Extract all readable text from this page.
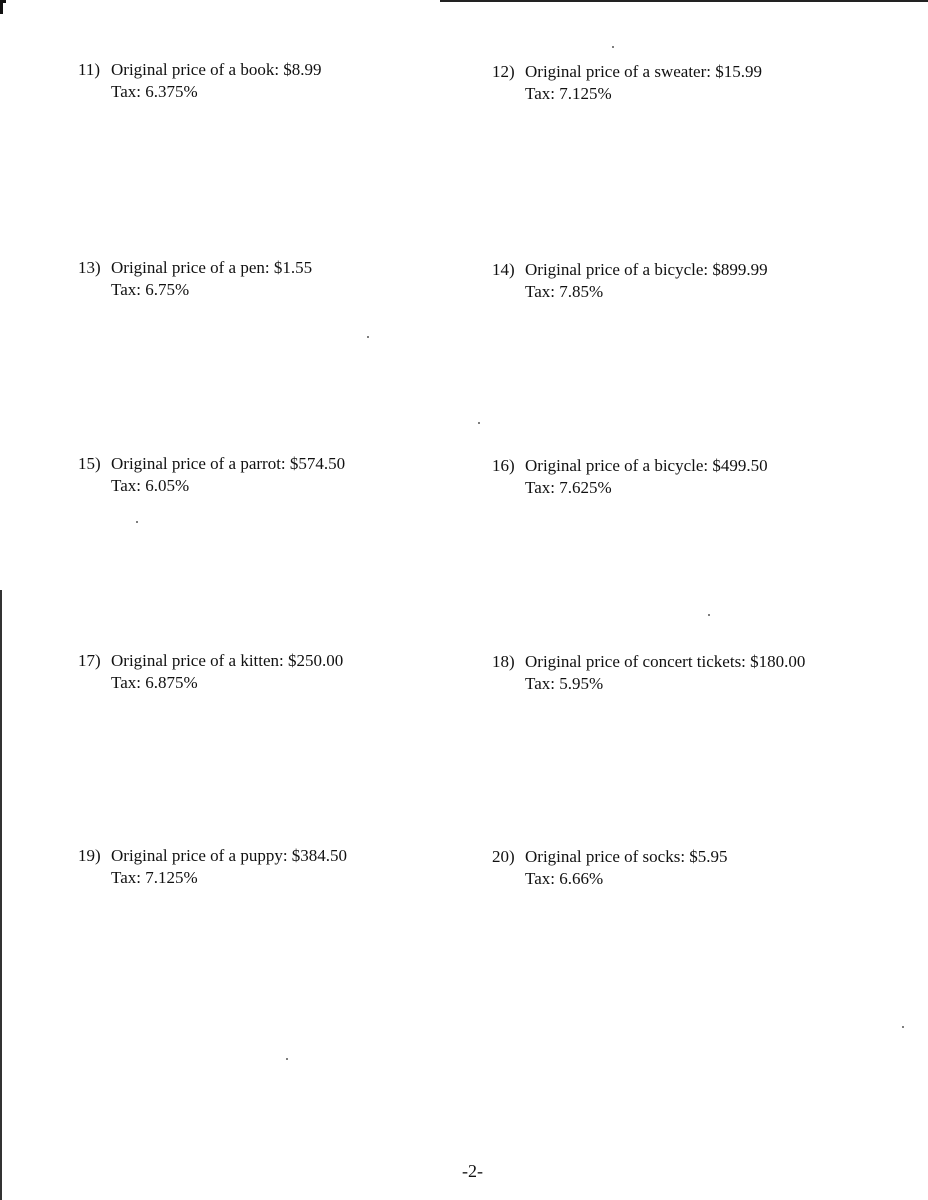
11) Original price of a book: $8.99
Tax: 6.375%
12) Original price of a sweater: $15.99
Tax: 7.125%
13) Original price of a pen: $1.55
Tax: 6.75%
14) Original price of a bicycle: $899.99
Tax: 7.85%
15) Original price of a parrot: $574.50
Tax: 6.05%
16) Original price of a bicycle: $499.50
Tax: 7.625%
17) Original price of a kitten: $250.00
Tax: 6.875%
18) Original price of concert tickets: $180.00
Tax: 5.95%
19) Original price of a puppy: $384.50
Tax: 7.125%
20) Original price of socks: $5.95
Tax: 6.66%
-2-
